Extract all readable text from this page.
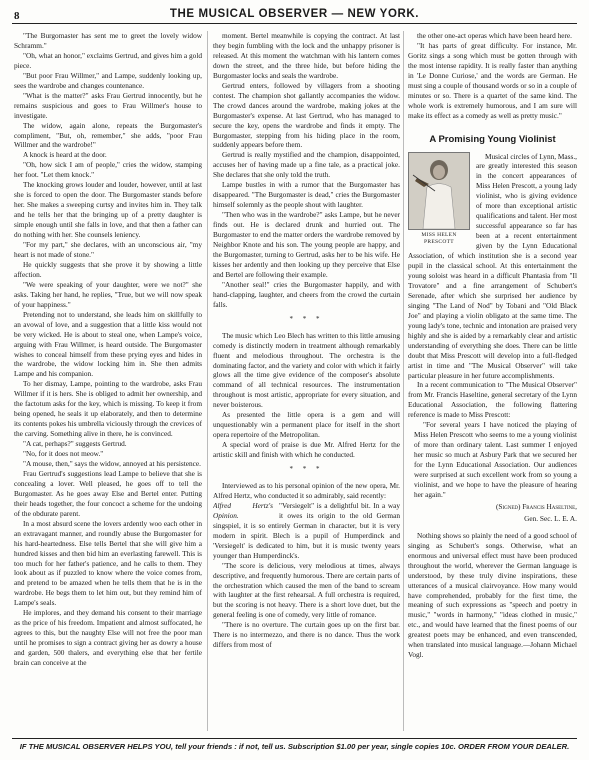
8	THE MUSICAL OBSERVER — NEW YORK.

"The Burgomaster has sent me to greet the lovely widow Schramm."

"Oh, what an honor," exclaims Gertrud, and gives him a gold piece.

"But poor Frau Willmer," and Lampe, suddenly looking up, sees the wardrobe and changes countenance.

"What is the matter?" asks Frau Gertrud innocently, but he remains suspicious and goes to Frau Willmer's house to investigate.

The widow, again alone, repeats the Burgomaster's compliment, "But, oh, remember," she adds, "poor Frau Willmer and the wardrobe!"

A knock is heard at the door.

"Oh, how sick I am of people," cries the widow, stamping her foot. "Let them knock."

The knocking grows louder and louder, however, until at last she is forced to open the door. The Burgomaster stands before her. She makes a sweeping curtsy and invites him in. They talk and he tells her that the bringing up of a pretty daughter is simple enough until she falls in love, and that then a father can do nothing with her. She counsels leniency.

"For my part," she declares, with an unconscious air, "my heart is not made of stone."

He quickly suggests that she prove it by showing a little affection.

"We were speaking of your daughter, were we not?" she asks. Taking her hand, he replies, "True, but we will now speak of your happiness."

Pretending not to understand, she leads him on skillfully to an avowal of love, and a suggestion that a little kiss would not be very wicked. He is about to steal one, when Lampe's voice, arguing with Frau Willmer, is heard outside. The Burgomaster wishes to conceal himself from these prying eyes and hides in the wardrobe, the widow locking him in. She then admits Lampe and his companion.

To her dismay, Lampe, pointing to the wardrobe, asks Frau Willmer if it is hers. She is obliged to admit her ownership, and the factotum asks for the key, which is missing. To keep it from being opened, he seals it up elaborately, and then to determine its contents pokes his umbrella viciously through the crevices of the carving. Something alive in there, he is convinced.

"A cat, perhaps?" suggests Gertrud.

"No, for it does not meow."

"A mouse, then," says the widow, annoyed at his persistence.

Frau Gertrud's suggestions lead Lampe to believe that she is concealing a lover. Well pleased, he goes off to tell the Burgomaster. As he goes away Else and Bertel enter. Putting their heads together, the four concoct a scheme for the undoing of the obdurate parent.

In a most absurd scene the lovers ardently woo each other in an extravagant manner, and roundly abuse the Burgomaster for his hard-heartedness. Else tells Bertel that she will give him a hundred kisses and then bid him an everlasting farewell. This is too much for her father's patience, and he calls to them. They look about as if puzzled to know where the voice comes from, and pretend to be amazed when he tells them that he is in the wardrobe. He begs them to let him out, but they remind him of Lampe's seals.

He implores, and they demand his consent to their marriage as the price of his freedom. Impatient and almost suffocated, he agrees to this, but the naughty Else will not free the poor man until he promises to sign a contract giving her as dowry a house and garden, 500 thalers, and everything else that her fertile brain can conceive at the

moment. Bertel meanwhile is copying the contract. At last they begin fumbling with the lock and the unhappy prisoner is released. At this moment the watchman with his lantern comes down the street, and the three hide, but before hiding the Burgomaster locks and seals the wardrobe.

Gertrud enters, followed by villagers from a shooting contest. The champion shot gallantly accompanies the widow. The crowd dances around the wardrobe, making jokes at the Burgomaster's expense. At last Gertrud, who has managed to secure the key, opens the wardrobe and finds it empty. The Burgomaster, stepping from his hiding place in the room, suddenly appears before them.

Gertrud is really mystified and the champion, disappointed, accuses her of having made up a fine tale, as a practical joke. She declares that she only told the truth.

Lampe bustles in with a rumor that the Burgomaster has disappeared. "The Burgomaster is dead," cries the Burgomaster himself solemnly as the people shout with laughter.

"Then who was in the wardrobe?" asks Lampe, but he never finds out. He is declared drunk and hurried out. The Burgomaster to end the matter orders the wardrobe removed by Neighbor Knote and his son. The young people are happy, and the Burgomaster, turning to Gertrud, asks her to be his wife. He kisses her ardently and then looking up they perceive that Else and Bertel are following their example.

"Another seal!" cries the Burgomaster happily, and with hand-clapping, laughter, and cheers from the crowd the curtain falls.

* * *

The music which Leo Blech has written to this little amusing comedy is distinctly modern in treatment although remarkably fluent and melodious throughout. The orchestra is the dominating factor, and the variety and color with which it fairly glows all the time give evidence of the composer's absolute command of all technical resources. The instrumentation throughout is most artistic, appropriate for every situation, and never boisterous.

As presented the little opera is a gem and will unquestionably win a permanent place for itself in the short opera repertoire of the Metropolitan.

A special word of praise is due Mr. Alfred Hertz for the artistic skill and finish with which he conducted.

* * *

Interviewed as to his personal opinion of the new opera, Mr. Alfred Hertz, who conducted it so admirably, said recently:

Alfred Hertz's Opinion.
"Versiegelt" is a delightful bit. In a way it owes its origin to the old German singspiel, it is so entirely German in character, but it is very modern in spirit. Blech is a pupil of Humperdinck and 'Versiegelt' is dedicated to him, but it is music twenty years younger than Humperdinck's.

"The score is delicious, very melodious at times, always descriptive, and frequently humorous. There are certain parts of the orchestration which caused the men of the band to scream with laughter at the first rehearsal. A full orchestra is required, but the scoring is not heavy. There is a short love duet, but the general feeling is one of comedy, very little of romance.

"There is no overture. The curtain goes up on the first bar. There is no intermezzo, and there is no dance. Thus the work differs from most of

the other one-act operas which have been heard here.

"It has parts of great difficulty. For instance, Mr. Goritz sings a song which must be gotten through with the most intense rapidity. It is really faster than anything in 'Le Donne Curiose,' and the words are German. He must sing a couple of thousand words or so in a couple of minutes or so. There is a quartet of the same kind. The whole work is extremely humorous, and I am sure will make its effect as a comedy as well as pretty music."

A Promising Young Violinist
MISS HELEN PRESCOTT

Musical circles of Lynn, Mass., are greatly interested this season in the concert appearances of Miss Helen Prescott, a young lady violinist, who is giving evidence of more than exceptional artistic qualifications and talent. Her most successful appearance so far has been at a recent entertainment given by the Lynn Educational Association, of which institution she is a second year pupil in the classical school. At this entertainment the young soloist was heard in a difficult Phantasia from "Il Trovatore" and a fine arrangement of Schubert's Serenade, after which she surprised her audience by singing "The Land of Nod" by Tobani and "Old Black Joe" and playing a violin obligato at the same time. The young lady's tone, technic and intonation are praised very highly and she is aided by a remarkably clear and artistic understanding of everything she does. There can be little doubt that Miss Prescott will develop into a full-fledged artist in time and "The Musical Observer" will take particular pleasure in her future accomplishments.

In a recent communication to "The Musical Observer" from Mr. Francis Haseltine, general secretary of the Lynn Educational Association, the following flattering reference is made to Miss Prescott:

"For several years I have noticed the playing of Miss Helen Prescott who seems to me a young violinist of more than ordinary talent. Last summer I enjoyed her music so much at Asbury Park that we secured her for the Lynn Educational Association. Our audiences were surprised at such excellent work from so young a violinist, and we hope to have the pleasure of hearing her again."

(Signed) Francis Haseltine,
Gen. Sec. L. E. A.

Nothing shows so plainly the need of a good school of singing as Schubert's songs. Otherwise, what an enormous and universal effect must have been produced throughout the world, wherever the German language is understood, by these truly divine inspirations, these utterances of a musical clairvoyance. How many would have comprehended, probably for the first time, the meaning of such expressions as "speech and poetry in music," "words in harmony," "ideas clothed in music," etc., and would have learned that the finest poems of our greatest poets may be enhanced, and even transcended, when translated into musical language.—Johann Michael Vogl.

IF THE MUSICAL OBSERVER HELPS YOU, tell your friends : if not, tell us. Subscription $1.00 per year, single copies 10c. ORDER FROM YOUR DEALER.
